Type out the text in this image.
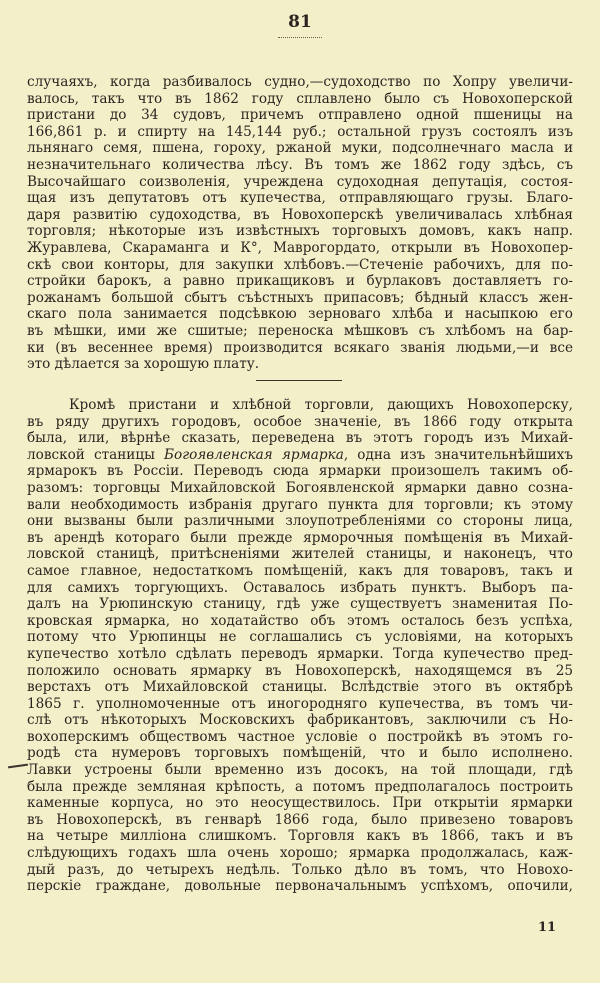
81
случаяхъ, когда разбивалось судно,—судоходство по Хопру увеличи-
валось, такъ что въ 1862 году сплавлено было съ Новохоперской
пристани до 34 судовъ, причемъ отправлено одной пшеницы на
166,861 р. и спирту на 145,144 руб.; остальной грузъ состоялъ изъ
льнянаго семя, пшена, гороху, ржаной муки, подсолнечнаго масла и
незначительнаго количества лѣсу. Въ томъ же 1862 году здѣсь, съ
Высочайшаго соизволенія, учреждена судоходная депутація, состоя-
щая изъ депутатовъ отъ купечества, отправляющаго грузы. Благо-
даря развитію судоходства, въ Новохоперскѣ увеличивалась хлѣбная
торговля; нѣкоторые изъ извѣстныхъ торговыхъ домовъ, какъ напр.
Журавлева, Скараманга и К°, Маврогордато, открыли въ Новохопер-
скѣ свои конторы, для закупки хлѣбовъ.—Стеченіе рабочихъ, для по-
стройки барокъ, а равно прикащиковъ и бурлаковъ доставляетъ го-
рожанамъ большой сбытъ съѣстныхъ припасовъ; бѣдный классъ жен-
скаго пола занимается подсѣвкою зерноваго хлѣба и насыпкою его
въ мѣшки, ими же сшитые; переноска мѣшковъ съ хлѣбомъ на бар-
ки (въ весеннее время) производится всякаго званія людьми,—и все
это дѣлается за хорошую плату.
Кромѣ пристани и хлѣбной торговли, дающихъ Новохоперску,
въ ряду другихъ городовъ, особое значеніе, въ 1866 году открыта
была, или, вѣрнѣе сказать, переведена въ этотъ городъ изъ Михай-
ловской станицы Богоявленская ярмарка, одна изъ значительнѣйшихъ
ярмарокъ въ Россіи. Переводъ сюда ярмарки произошелъ такимъ об-
разомъ: торговцы Михайловской Богоявленской ярмарки давно созна-
вали необходимость избранія другаго пункта для торговли; къ этому
они вызваны были различными злоупотребленіями со стороны лица,
въ арендѣ котораго были прежде ярморочныя помѣщенія въ Михай-
ловской станицѣ, притѣсненіями жителей станицы, и наконецъ, что
самое главное, недостаткомъ помѣщеній, какъ для товаровъ, такъ и
для самихъ торгующихъ. Оставалось избрать пунктъ. Выборъ па-
далъ на Урюпинскую станицу, гдѣ уже существуетъ знаменитая По-
кровская ярмарка, но ходатайство объ этомъ осталось безъ успѣха,
потому что Урюпинцы не соглашались съ условіями, на которыхъ
купечество хотѣло сдѣлать переводъ ярмарки. Тогда купечество пред-
положило основать ярмарку въ Новохоперскѣ, находящемся въ 25
верстахъ отъ Михайловской станицы. Вслѣдствіе этого въ октябрѣ
1865 г. уполномоченные отъ иногородняго купечества, въ томъ чи-
слѣ отъ нѣкоторыхъ Московскихъ фабрикантовъ, заключили съ Но-
вохоперскимъ обществомъ частное условіе о постройкѣ въ этомъ го-
родѣ ста нумеровъ торговыхъ помѣщеній, что и было исполнено.
Лавки устроены были временно изъ досокъ, на той площади, гдѣ
была прежде земляная крѣпость, а потомъ предполагалось построить
каменные корпуса, но это неосуществилось. При открытіи ярмарки
въ Новохоперскѣ, въ генварѣ 1866 года, было привезено товаровъ
на четыре милліона слишкомъ. Торговля какъ въ 1866, такъ и въ
слѣдующихъ годахъ шла очень хорошо; ярмарка продолжалась, каж-
дый разъ, до четырехъ недѣль. Только дѣло въ томъ, что Новохо-
перскіе граждане, довольные первоначальнымъ успѣхомъ, опочили,
11
